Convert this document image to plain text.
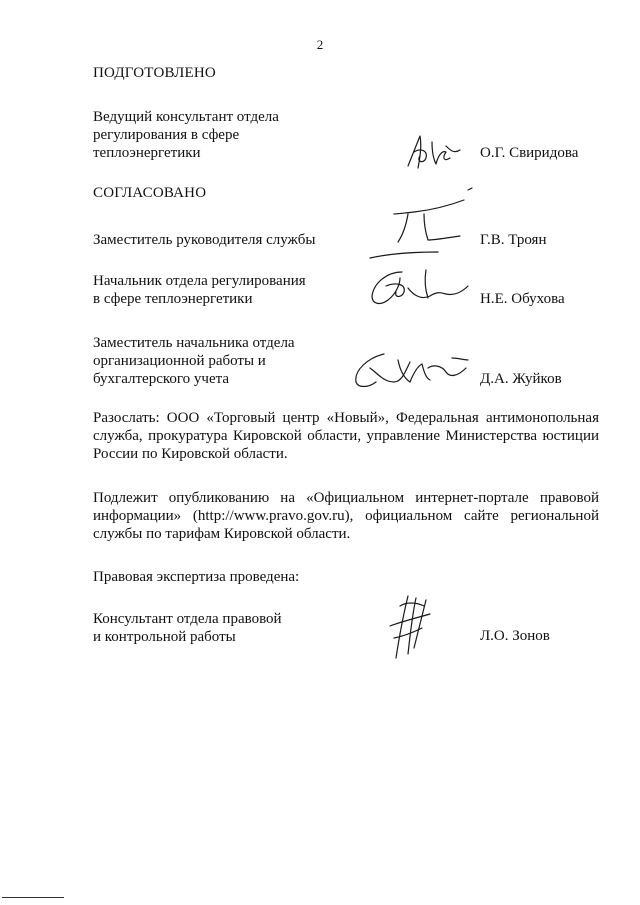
2
ПОДГОТОВЛЕНО
Ведущий консультант отдела
регулирования в сфере
теплоэнергетики	О.Г. Свиридова
СОГЛАСОВАНО
Заместитель руководителя службы	Г.В. Троян
Начальник отдела регулирования
в сфере теплоэнергетики	Н.Е. Обухова
Заместитель начальника отдела
организационной работы и
бухгалтерского учета	Д.А. Жуйков
Разослать: ООО «Торговый центр «Новый», Федеральная антимонопольная служба, прокуратура Кировской области, управление Министерства юстиции России по Кировской области.
Подлежит опубликованию на «Официальном интернет-портале правовой информации» (http://www.pravo.gov.ru), официальном сайте региональной службы по тарифам Кировской области.
Правовая экспертиза проведена:
Консультант отдела правовой
и контрольной работы	Л.О. Зонов
